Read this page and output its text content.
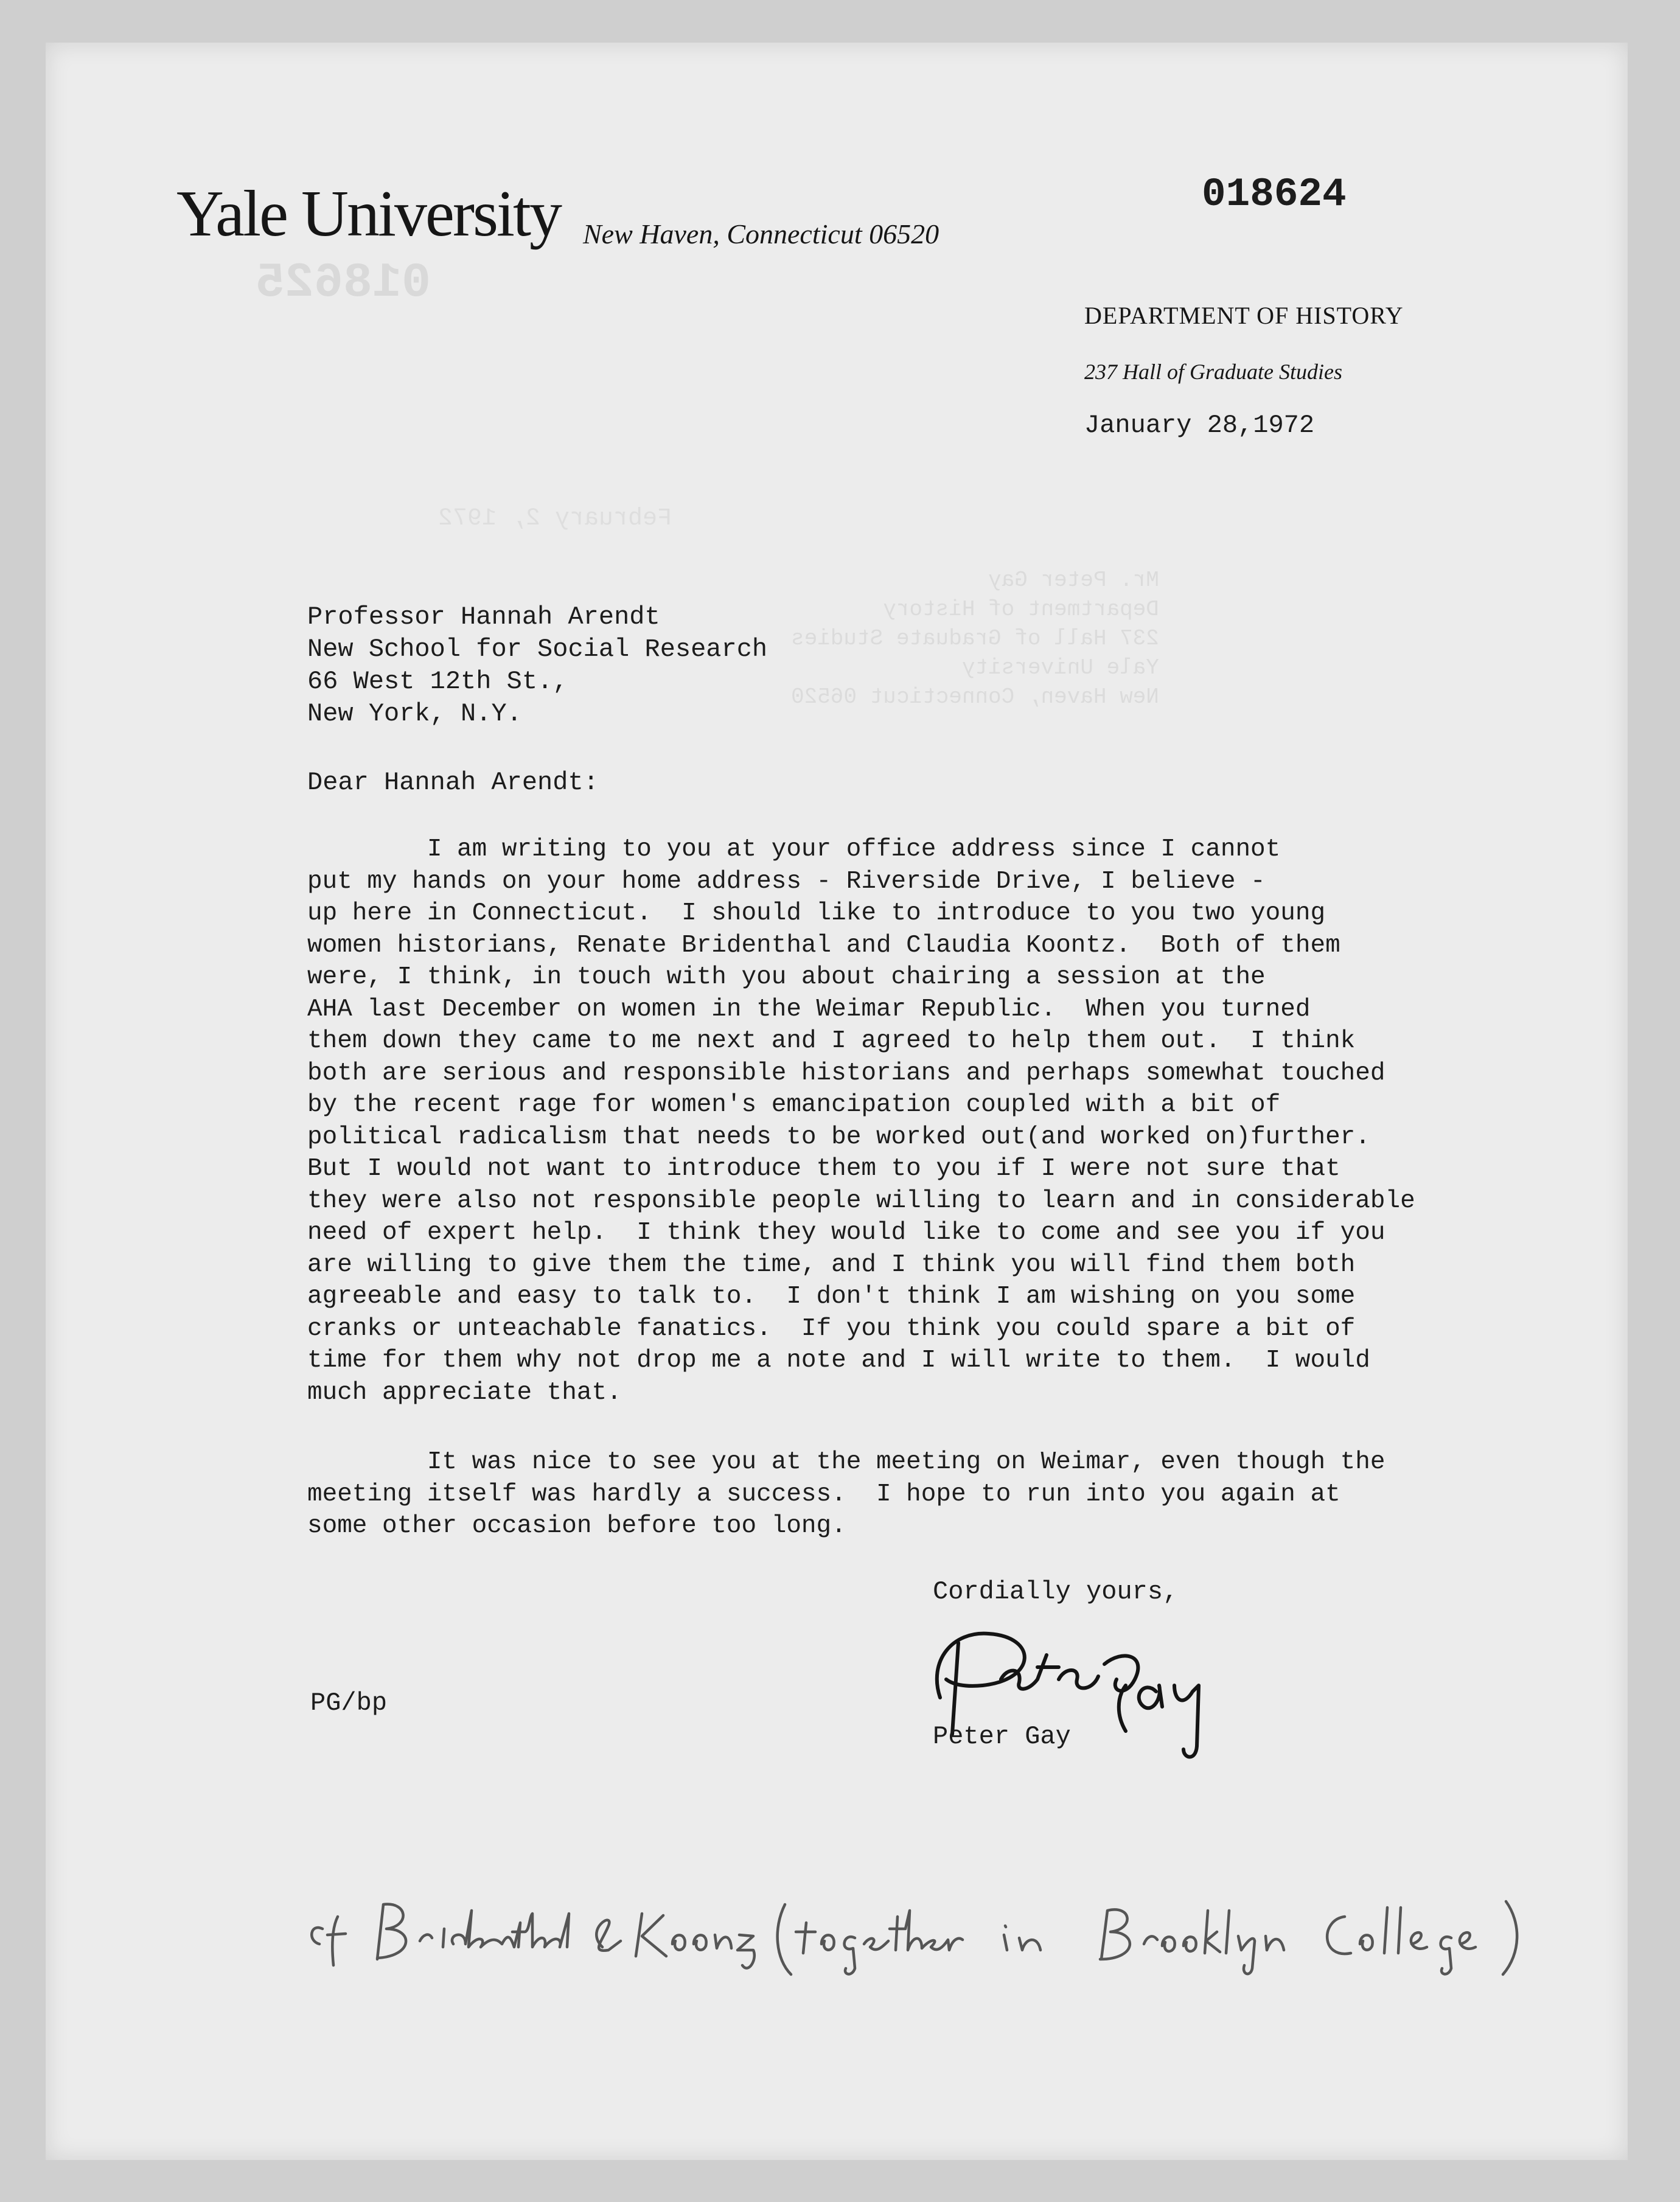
018625
February 2, 1972
Mr. Peter Gay
Department of History
237 Hall of Graduate Studies
Yale University
New Haven, Connecticut 06520
Yale University New Haven, Connecticut 06520
018624
DEPARTMENT OF HISTORY
237 Hall of Graduate Studies
January 28,1972
Professor Hannah Arendt
New School for Social Research
66 West 12th St.,
New York, N.Y.
Dear Hannah Arendt:
I am writing to you at your office address since I cannot
put my hands on your home address - Riverside Drive, I believe -
up here in Connecticut.  I should like to introduce to you two young
women historians, Renate Bridenthal and Claudia Koontz.  Both of them
were, I think, in touch with you about chairing a session at the
AHA last December on women in the Weimar Republic.  When you turned
them down they came to me next and I agreed to help them out.  I think
both are serious and responsible historians and perhaps somewhat touched
by the recent rage for women's emancipation coupled with a bit of
political radicalism that needs to be worked out(and worked on)further.
But I would not want to introduce them to you if I were not sure that
they were also not responsible people willing to learn and in considerable
need of expert help.  I think they would like to come and see you if you
are willing to give them the time, and I think you will find them both
agreeable and easy to talk to.  I don't think I am wishing on you some
cranks or unteachable fanatics.  If you think you could spare a bit of
time for them why not drop me a note and I will write to them.  I would
much appreciate that.
It was nice to see you at the meeting on Weimar, even though the
meeting itself was hardly a success.  I hope to run into you again at
some other occasion before too long.
Cordially yours,
PG/bp
Peter Gay
